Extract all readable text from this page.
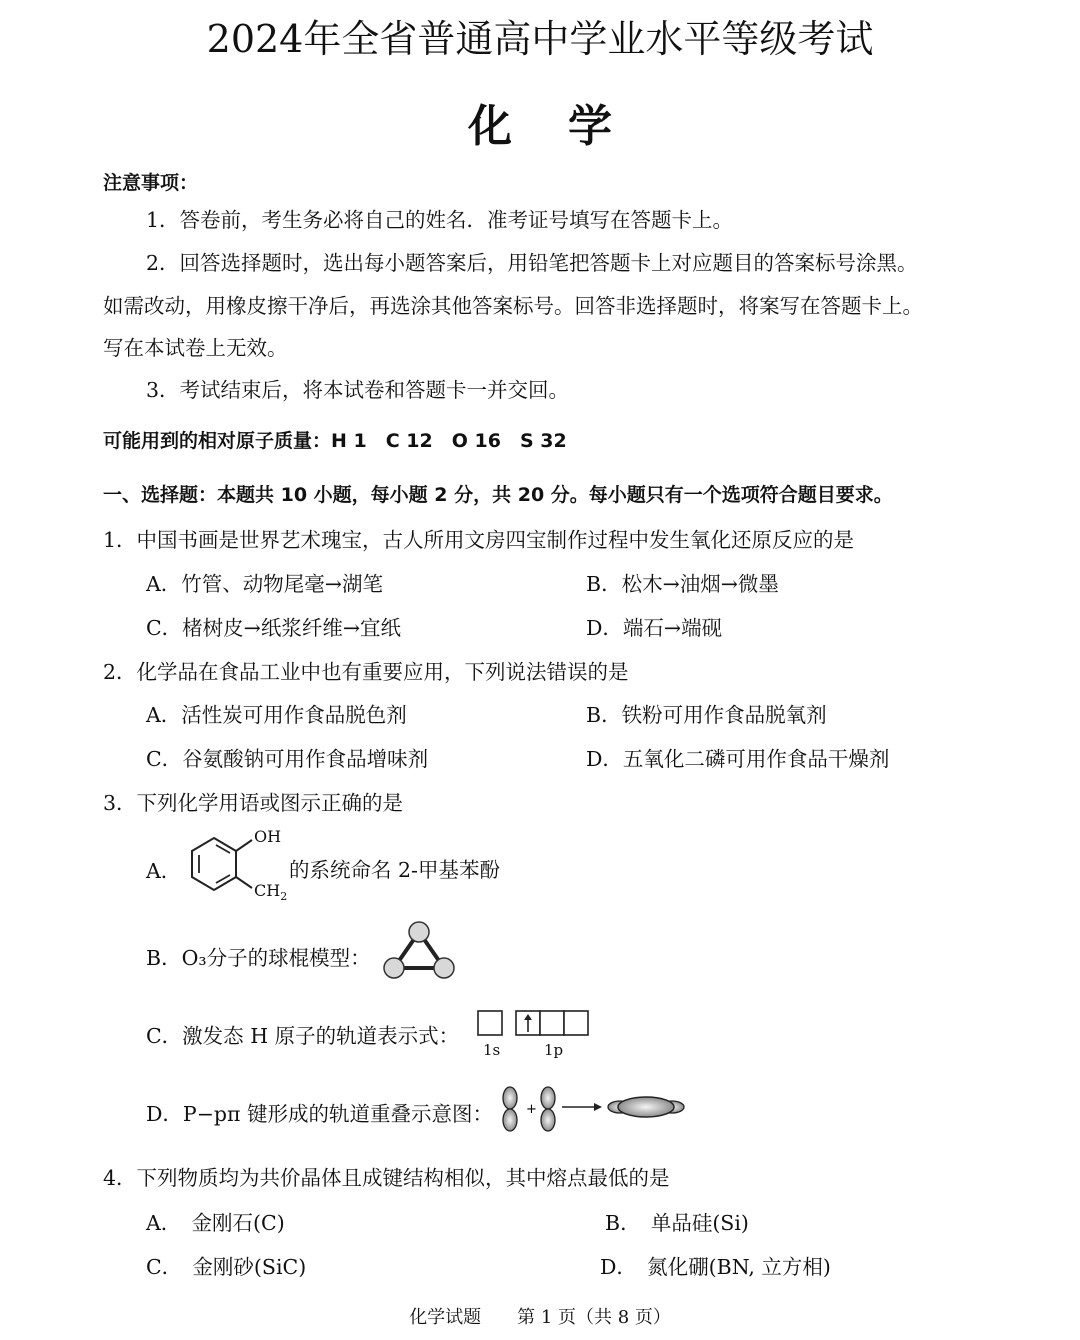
2024年全省普通高中学业水平等级考试
化学
注意事项：
1．答卷前，考生务必将自己的姓名．准考证号填写在答题卡上。
2．回答选择题时，选出每小题答案后，用铅笔把答题卡上对应题目的答案标号涂黑。
如需改动，用橡皮擦干净后，再选涂其他答案标号。回答非选择题时，将案写在答题卡上。
写在本试卷上无效。
3．考试结束后，将本试卷和答题卡一并交回。
可能用到的相对原子质量：H 1　C 12　O 16　S 32
一、选择题：本题共 10 小题，每小题 2 分，共 20 分。每小题只有一个选项符合题目要求。
1．中国书画是世界艺术瑰宝，古人所用文房四宝制作过程中发生氧化还原反应的是
A．竹管、动物尾毫→湖笔	B．松木→油烟→微墨
C．楮树皮→纸浆纤维→宜纸	D．端石→端砚
2．化学品在食品工业中也有重要应用，下列说法错误的是
A．活性炭可用作食品脱色剂	B．铁粉可用作食品脱氧剂
C．谷氨酸钠可用作食品增味剂	D．五氧化二磷可用作食品干燥剂
3．下列化学用语或图示正确的是
A．
OH
$CH_2$
的系统命名 2-甲基苯酚
B．O₃分子的球棍模型：
C．激发态 H 原子的轨道表示式：
1s	1p
D．P−pπ 键形成的轨道重叠示意图：	+
4．下列物质均为共价晶体且成键结构相似，其中熔点最低的是
A．　金刚石(C)	B．　单品硅(Si)
C．　金刚砂(SiC)	D．　氮化硼(BN, 立方相)
化学试题　　第 1 页（共 8 页）
